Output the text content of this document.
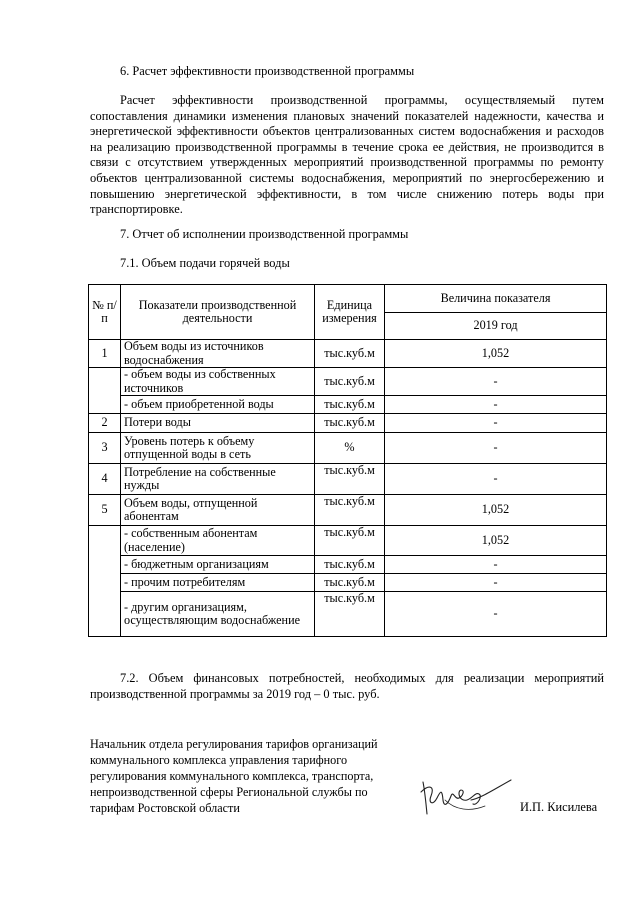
6. Расчет эффективности производственной программы
Расчет эффективности производственной программы, осуществляемый путем сопоставления динамики изменения плановых значений показателей надежности, качества и энергетической эффективности объектов централизованных систем водоснабжения и расходов на реализацию производственной программы в течение срока ее действия, не производится в связи с отсутствием утвержденных мероприятий производственной программы по ремонту объектов централизованной системы водоснабжения, мероприятий по энергосбережению и повышению энергетической эффективности, в том числе снижению потерь воды при транспортировке.
7. Отчет об исполнении производственной программы
7.1. Объем подачи горячей воды
№ п/п	Показатели производственной деятельности	Единица измерения	Величина показателя
			2019 год
1	Объем воды из источников водоснабжения	тыс.куб.м	1,052
	- объем воды из собственных источников	тыс.куб.м	-
	- объем приобретенной воды	тыс.куб.м	-
2	Потери воды	тыс.куб.м	-
3	Уровень потерь к объему отпущенной воды в сеть	%	-
4	Потребление на собственные нужды	тыс.куб.м	-
5	Объем воды, отпущенной абонентам	тыс.куб.м	1,052
	- собственным абонентам (население)	тыс.куб.м	1,052
	- бюджетным организациям	тыс.куб.м	-
	- прочим потребителям	тыс.куб.м	-
	- другим организациям, осуществляющим водоснабжение	тыс.куб.м	-
7.2. Объем финансовых потребностей, необходимых для реализации мероприятий производственной программы за 2019 год – 0 тыс. руб.
Начальник отдела регулирования тарифов организаций
коммунального комплекса управления тарифного
регулирования коммунального комплекса, транспорта,
непроизводственной сферы Региональной службы по
тарифам Ростовской области	И.П. Кисилева
